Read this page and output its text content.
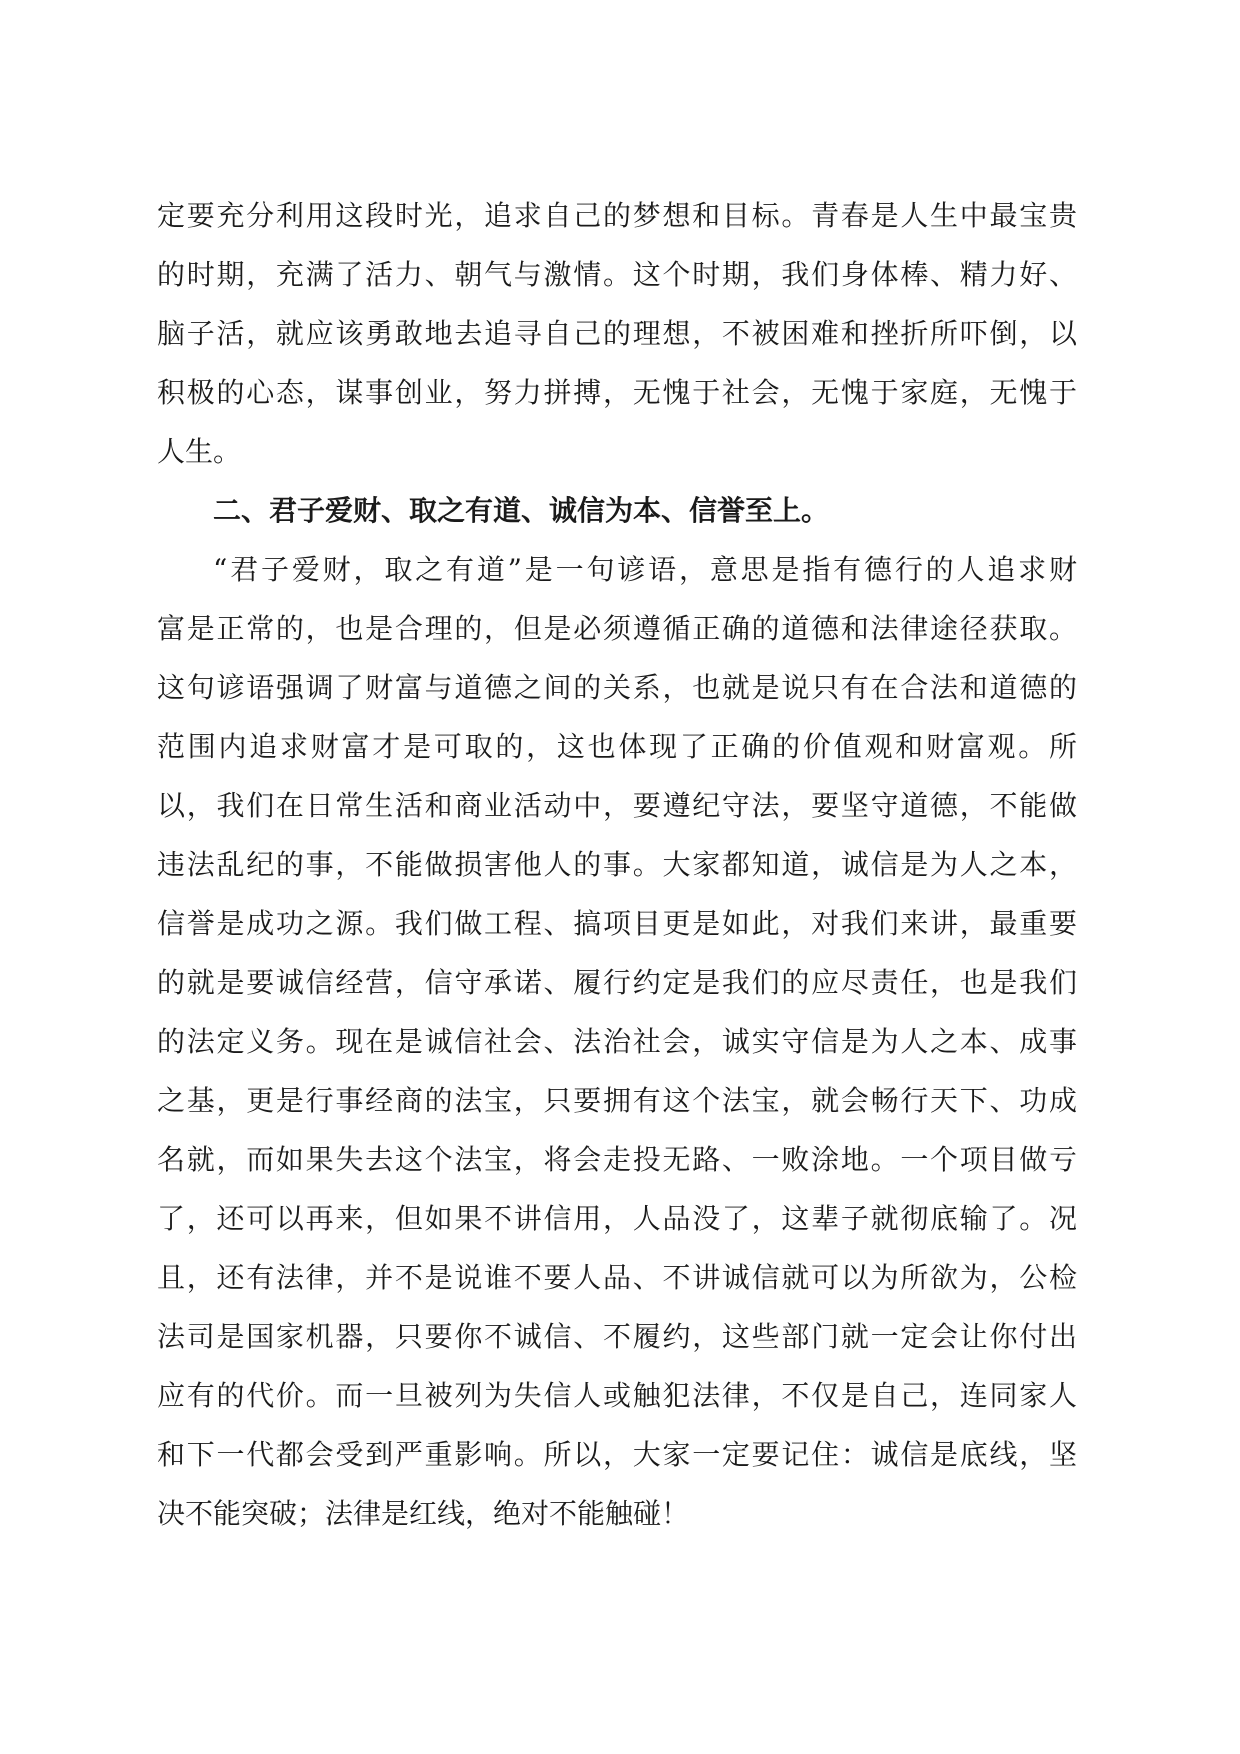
定要充分利用这段时光，追求自己的梦想和目标。青春是人生中最宝贵
的时期，充满了活力、朝气与激情。这个时期，我们身体棒、精力好、
脑子活，就应该勇敢地去追寻自己的理想，不被困难和挫折所吓倒，以
积极的心态，谋事创业，努力拼搏，无愧于社会，无愧于家庭，无愧于
人生。
二、君子爱财、取之有道、诚信为本、信誉至上。
“君子爱财，取之有道”是一句谚语，意思是指有德行的人追求财
富是正常的，也是合理的，但是必须遵循正确的道德和法律途径获取。
这句谚语强调了财富与道德之间的关系，也就是说只有在合法和道德的
范围内追求财富才是可取的，这也体现了正确的价值观和财富观。所
以，我们在日常生活和商业活动中，要遵纪守法，要坚守道德，不能做
违法乱纪的事，不能做损害他人的事。大家都知道，诚信是为人之本，
信誉是成功之源。我们做工程、搞项目更是如此，对我们来讲，最重要
的就是要诚信经营，信守承诺、履行约定是我们的应尽责任，也是我们
的法定义务。现在是诚信社会、法治社会，诚实守信是为人之本、成事
之基，更是行事经商的法宝，只要拥有这个法宝，就会畅行天下、功成
名就，而如果失去这个法宝，将会走投无路、一败涂地。一个项目做亏
了，还可以再来，但如果不讲信用，人品没了，这辈子就彻底输了。况
且，还有法律，并不是说谁不要人品、不讲诚信就可以为所欲为，公检
法司是国家机器，只要你不诚信、不履约，这些部门就一定会让你付出
应有的代价。而一旦被列为失信人或触犯法律，不仅是自己，连同家人
和下一代都会受到严重影响。所以，大家一定要记住：诚信是底线，坚
决不能突破；法律是红线，绝对不能触碰！
